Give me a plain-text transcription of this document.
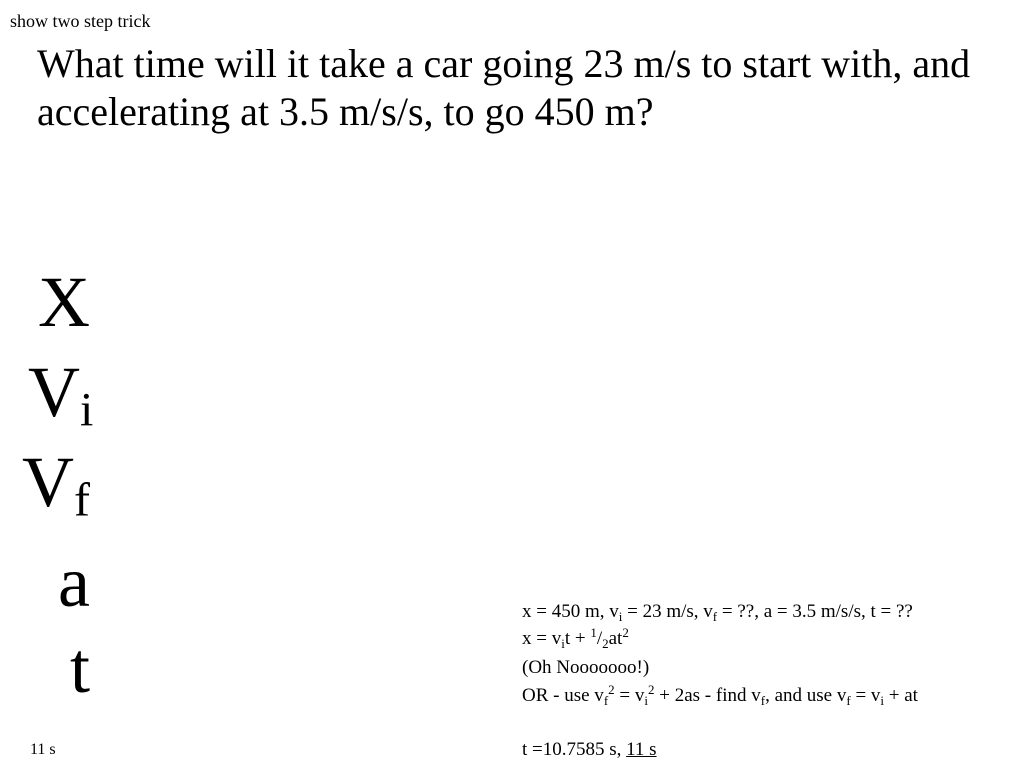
show two step trick
What time will it take a car going 23 m/s to start with, and accelerating at 3.5 m/s/s, to go 450 m?
X
$V_i$
$V_f$
a
t
x = 450 m, $v_i = 23$ m/s, $v_f$ = ??, a = 3.5 m/s/s, t = ??
$x = v_it + ^1/_2at^2$
(Oh Nooooooo!)
OR - use $v_f^2 = v_i^2 + 2as$ - find $v_f$, and use $v_f = v_i$ + at
t =10.7585 s, 11 s
11 s
